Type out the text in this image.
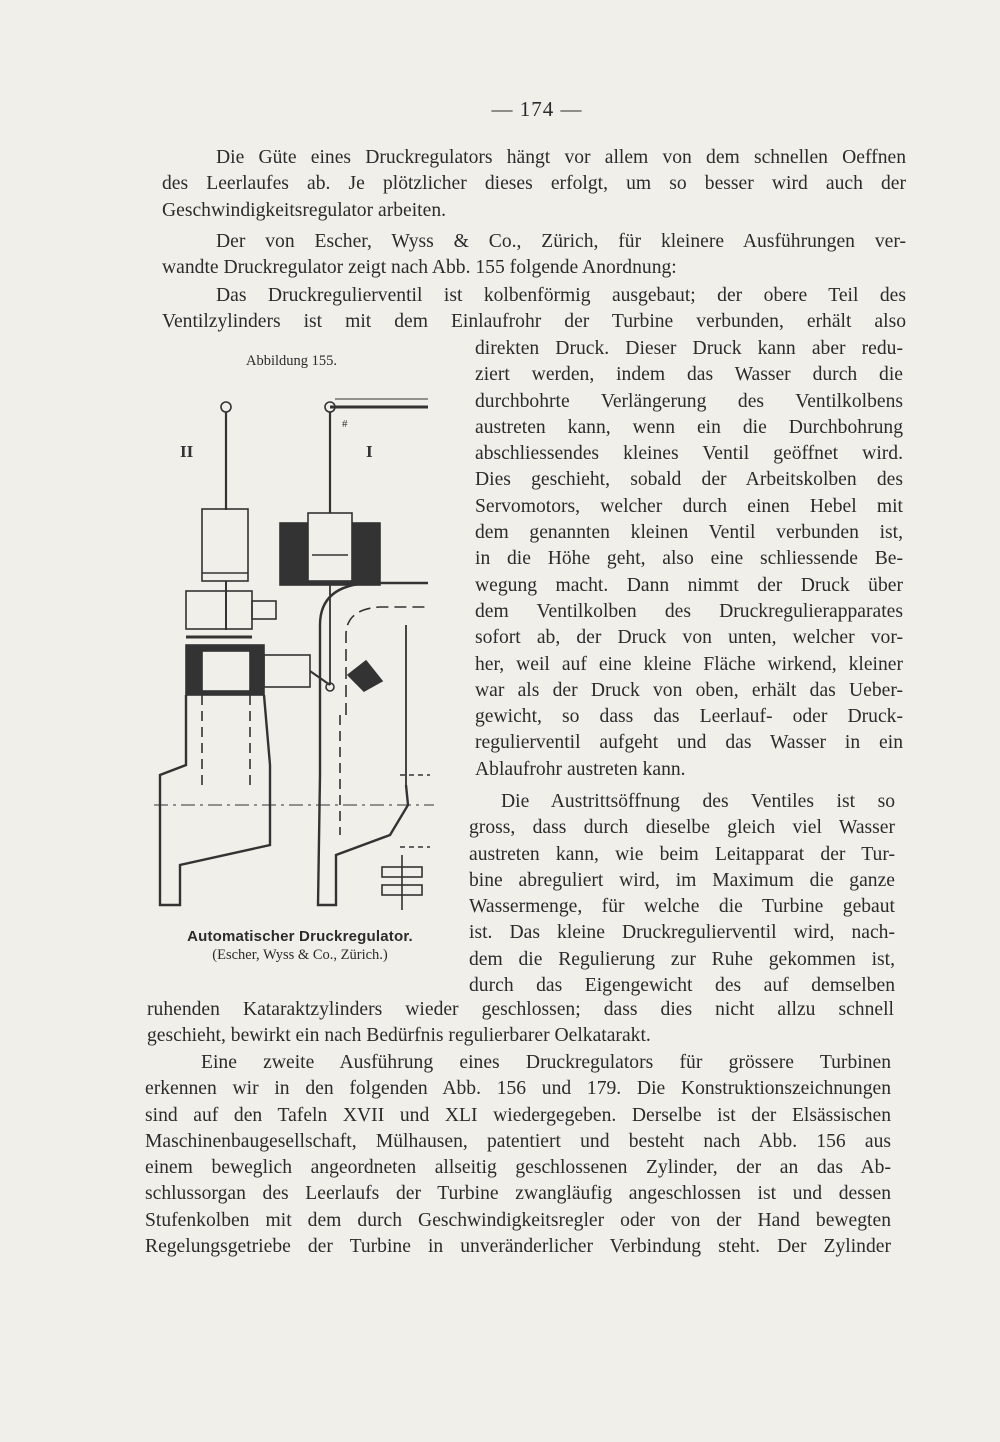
— 174 —
Die Güte eines Druckregulators hängt vor allem von dem schnellen Oeffnen
des Leerlaufes ab. Je plötzlicher dieses erfolgt, um so besser wird auch der
Geschwindigkeitsregulator arbeiten.
Der von Escher, Wyss & Co., Zürich, für kleinere Ausführungen ver-
wandte Druckregulator zeigt nach Abb. 155 folgende Anordnung:
Das Druckregulierventil ist kolbenförmig ausgebaut; der obere Teil des
Ventilzylinders ist mit dem Einlaufrohr der Turbine verbunden, erhält also
direkten Druck. Dieser Druck kann aber redu-
ziert werden, indem das Wasser durch die
durchbohrte Verlängerung des Ventilkolbens
austreten kann, wenn ein die Durchbohrung
abschliessendes kleines Ventil geöffnet wird.
Dies geschieht, sobald der Arbeitskolben des
Servomotors, welcher durch einen Hebel mit
dem genannten kleinen Ventil verbunden ist,
in die Höhe geht, also eine schliessende Be-
wegung macht. Dann nimmt der Druck über
dem Ventilkolben des Druckregulierapparates
sofort ab, der Druck von unten, welcher vor-
her, weil auf eine kleine Fläche wirkend, kleiner
war als der Druck von oben, erhält das Ueber-
gewicht, so dass das Leerlauf- oder Druck-
regulierventil aufgeht und das Wasser in ein
Ablaufrohr austreten kann.
Die Austrittsöffnung des Ventiles ist so
gross, dass durch dieselbe gleich viel Wasser
austreten kann, wie beim Leitapparat der Tur-
bine abreguliert wird, im Maximum die ganze
Wassermenge, für welche die Turbine gebaut
ist. Das kleine Druckregulierventil wird, nach-
dem die Regulierung zur Ruhe gekommen ist,
durch das Eigengewicht des auf demselben
ruhenden Kataraktzylinders wieder geschlossen; dass dies nicht allzu schnell
geschieht, bewirkt ein nach Bedürfnis regulierbarer Oelkatarakt.
Eine zweite Ausführung eines Druckregulators für grössere Turbinen
erkennen wir in den folgenden Abb. 156 und 179. Die Konstruktionszeichnungen
sind auf den Tafeln XVII und XLI wiedergegeben. Derselbe ist der Elsässischen
Maschinenbaugesellschaft, Mülhausen, patentiert und besteht nach Abb. 156 aus
einem beweglich angeordneten allseitig geschlossenen Zylinder, der an das Ab-
schlussorgan des Leerlaufs der Turbine zwangläufig angeschlossen ist und dessen
Stufenkolben mit dem durch Geschwindigkeitsregler oder von der Hand bewegten
Regelungsgetriebe der Turbine in unveränderlicher Verbindung steht. Der Zylinder
Abbildung 155.
II	I
#
Automatischer Druckregulator.
(Escher, Wyss & Co., Zürich.)
